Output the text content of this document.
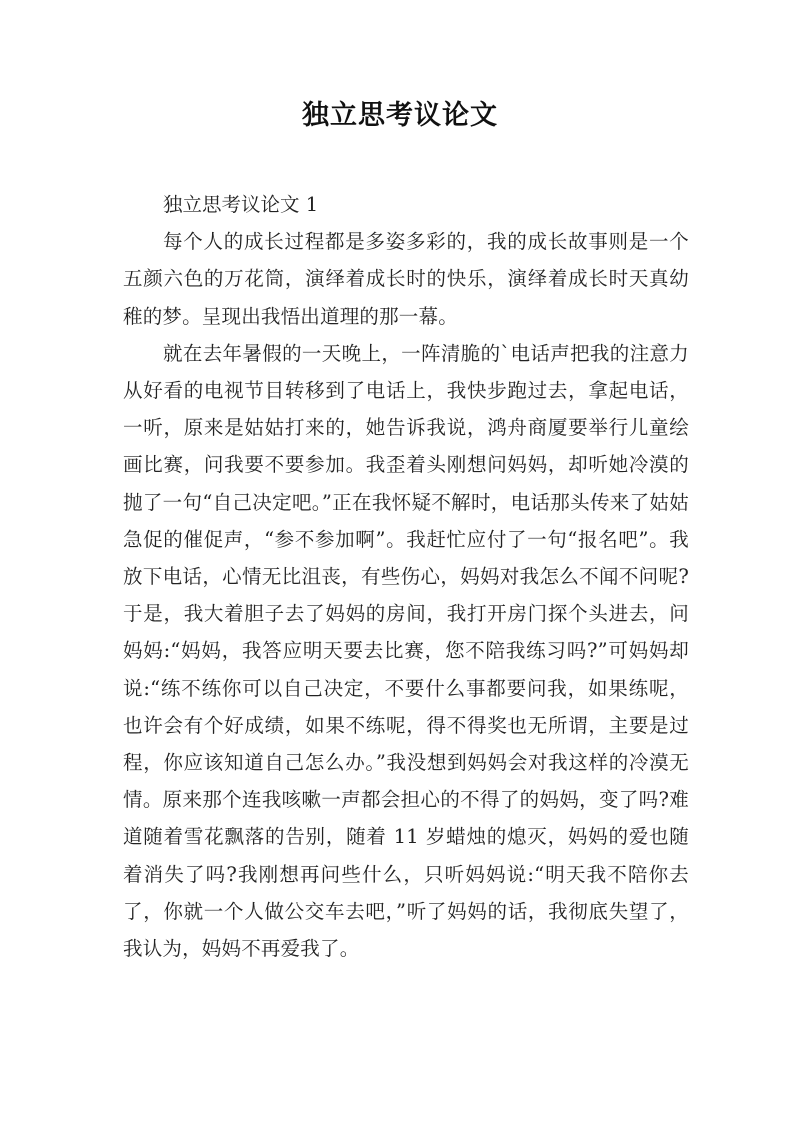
独立思考议论文

独立思考议论文 1

每个人的成长过程都是多姿多彩的，我的成长故事则是一个五颜六色的万花筒，演绎着成长时的快乐，演绎着成长时天真幼稚的梦。呈现出我悟出道理的那一幕。

就在去年暑假的一天晚上，一阵清脆的`电话声把我的注意力从好看的电视节目转移到了电话上，我快步跑过去，拿起电话，一听，原来是姑姑打来的，她告诉我说，鸿舟商厦要举行儿童绘画比赛，问我要不要参加。我歪着头刚想问妈妈，却听她冷漠的抛了一句“自己决定吧。”正在我怀疑不解时，电话那头传来了姑姑急促的催促声，“参不参加啊”。我赶忙应付了一句“报名吧”。我放下电话，心情无比沮丧，有些伤心，妈妈对我怎么不闻不问呢?于是，我大着胆子去了妈妈的房间，我打开房门探个头进去，问妈妈:“妈妈，我答应明天要去比赛，您不陪我练习吗?”可妈妈却说:“练不练你可以自己决定，不要什么事都要问我，如果练呢，也许会有个好成绩，如果不练呢，得不得奖也无所谓，主要是过程，你应该知道自己怎么办。”我没想到妈妈会对我这样的冷漠无情。原来那个连我咳嗽一声都会担心的不得了的妈妈，变了吗?难道随着雪花飘落的告别，随着 11 岁蜡烛的熄灭，妈妈的爱也随着消失了吗?我刚想再问些什么，只听妈妈说:“明天我不陪你去了，你就一个人做公交车去吧，”听了妈妈的话，我彻底失望了，我认为，妈妈不再爱我了。
